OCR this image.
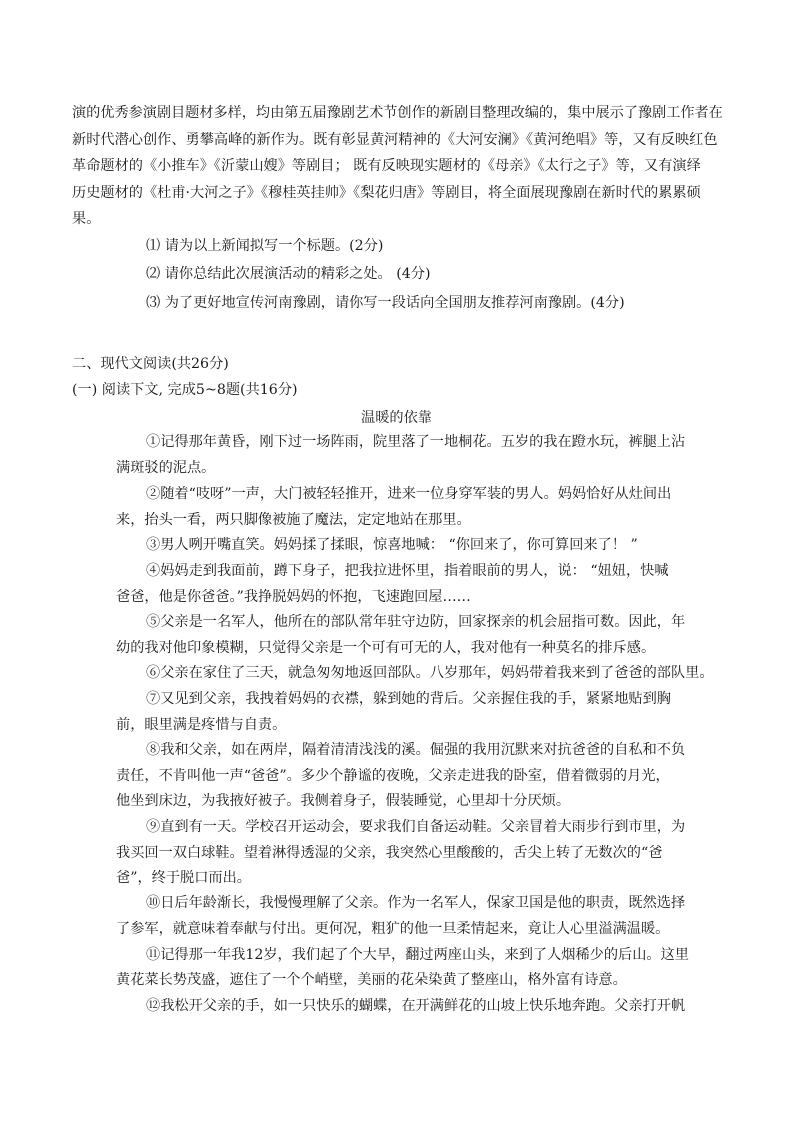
演的优秀参演剧目题材多样，均由第五届豫剧艺术节创作的新剧目整理改编的，集中展示了豫剧工作者在
新时代潜心创作、勇攀高峰的新作为。既有彰显黄河精神的《大河安澜》《黄河绝唱》等，又有反映红色
革命题材的《小推车》《沂蒙山嫂》等剧目； 既有反映现实题材的《母亲》《太行之子》等，又有演绎
历史题材的《杜甫·大河之子》《穆桂英挂帅》《梨花归唐》等剧目，将全面展现豫剧在新时代的累累硕
果。
⑴ 请为以上新闻拟写一个标题。(2分)
⑵ 请你总结此次展演活动的精彩之处。 (4分)
⑶ 为了更好地宣传河南豫剧，请你写一段话向全国朋友推荐河南豫剧。(4分)
二、现代文阅读(共26分)
(一) 阅读下文, 完成5~8题(共16分)
温暖的依靠
①记得那年黄昏，刚下过一场阵雨，院里落了一地桐花。五岁的我在蹬水玩，裤腿上沾
满斑驳的泥点。
②随着“吱呀”一声，大门被轻轻推开，进来一位身穿军装的男人。妈妈恰好从灶间出
来，抬头一看，两只脚像被施了魔法，定定地站在那里。
③男人咧开嘴直笑。妈妈揉了揉眼，惊喜地喊： “你回来了，你可算回来了！ ”
④妈妈走到我面前，蹲下身子，把我拉进怀里，指着眼前的男人，说： “妞妞，快喊
爸爸，他是你爸爸。”我挣脱妈妈的怀抱，飞速跑回屋……
⑤父亲是一名军人，他所在的部队常年驻守边防，回家探亲的机会屈指可数。因此，年
幼的我对他印象模糊，只觉得父亲是一个可有可无的人，我对他有一种莫名的排斥感。
⑥父亲在家住了三天，就急匆匆地返回部队。八岁那年，妈妈带着我来到了爸爸的部队里。
⑦又见到父亲，我拽着妈妈的衣襟，躲到她的背后。父亲握住我的手，紧紧地贴到胸
前，眼里满是疼惜与自责。
⑧我和父亲，如在两岸，隔着清清浅浅的溪。倔强的我用沉默来对抗爸爸的自私和不负
责任，不肯叫他一声“爸爸”。多少个静谧的夜晚，父亲走进我的卧室，借着微弱的月光，
他坐到床边，为我掖好被子。我侧着身子，假装睡觉，心里却十分厌烦。
⑨直到有一天。学校召开运动会，要求我们自备运动鞋。父亲冒着大雨步行到市里，为
我买回一双白球鞋。望着淋得透湿的父亲，我突然心里酸酸的，舌尖上转了无数次的“爸
爸”，终于脱口而出。
⑩日后年龄渐长，我慢慢理解了父亲。作为一名军人，保家卫国是他的职责，既然选择
了参军，就意味着奉献与付出。更何况，粗犷的他一旦柔情起来，竟让人心里溢满温暖。
⑪记得那一年我12岁，我们起了个大早，翻过两座山头，来到了人烟稀少的后山。这里
黄花菜长势茂盛，遮住了一个个峭壁，美丽的花朵染黄了整座山，格外富有诗意。
⑫我松开父亲的手，如一只快乐的蝴蝶，在开满鲜花的山坡上快乐地奔跑。父亲打开帆
